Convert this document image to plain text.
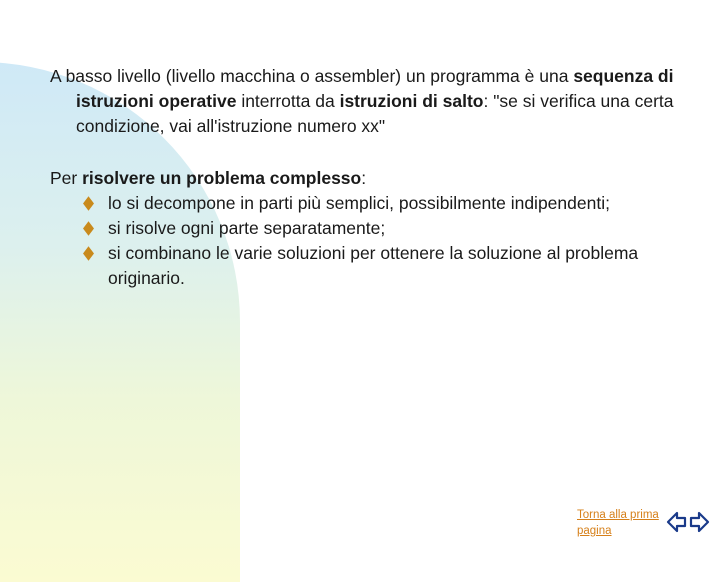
A basso livello (livello macchina o assembler) un programma è una sequenza di istruzioni operative interrotta da istruzioni di salto: "se si verifica una certa condizione, vai all'istruzione numero xx"

Per risolvere un problema complesso:

lo si decompone in parti più semplici, possibilmente indipendenti;
si risolve ogni parte separatamente;
si combinano le varie soluzioni per ottenere la soluzione al problema originario.
Torna alla prima pagina
